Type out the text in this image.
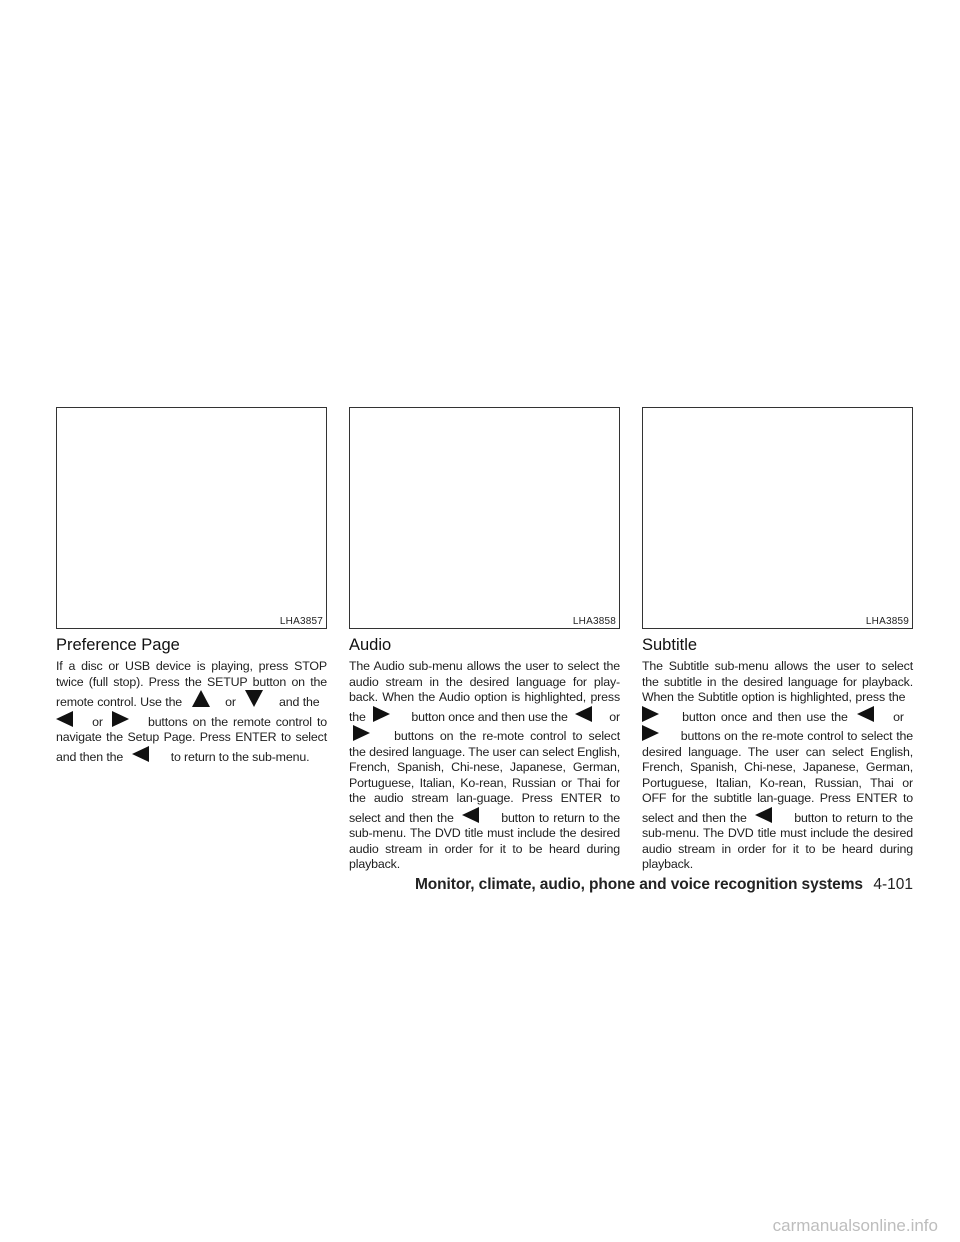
LHA3857
Preference Page

If a disc or USB device is playing, press STOP twice (full stop). Press the SETUP button on the remote control. Use the	or	and the  or	buttons on the remote control to navigate the Setup Page. Press ENTER to select and then the	to return to the sub-menu.

LHA3858
Audio

The Audio sub-menu allows the user to select the audio stream in the desired language for play-back. When the Audio option is highlighted, press the	button once and then use the	or  buttons on the re-mote control to select the desired language. The user can select English, French, Spanish, Chi-nese, Japanese, German, Portuguese, Italian, Ko-rean, Russian or Thai for the audio stream lan-guage. Press ENTER to select and then the	button to return to the sub-menu. The DVD title must include the desired audio stream in order for it to be heard during playback.

LHA3859
Subtitle

The Subtitle sub-menu allows the user to select the subtitle in the desired language for playback. When the Subtitle option is highlighted, press the  button once and then use the	or  buttons on the re-mote control to select the desired language. The user can select English, French, Spanish, Chi-nese, Japanese, German, Portuguese, Italian, Ko-rean, Russian, Thai or OFF for the subtitle lan-guage. Press ENTER to select and then the	button to return to the sub-menu. The DVD title must include the desired audio stream in order for it to be heard during playback.

Monitor, climate, audio, phone and voice recognition systems 4-101
carmanualsonline.info
